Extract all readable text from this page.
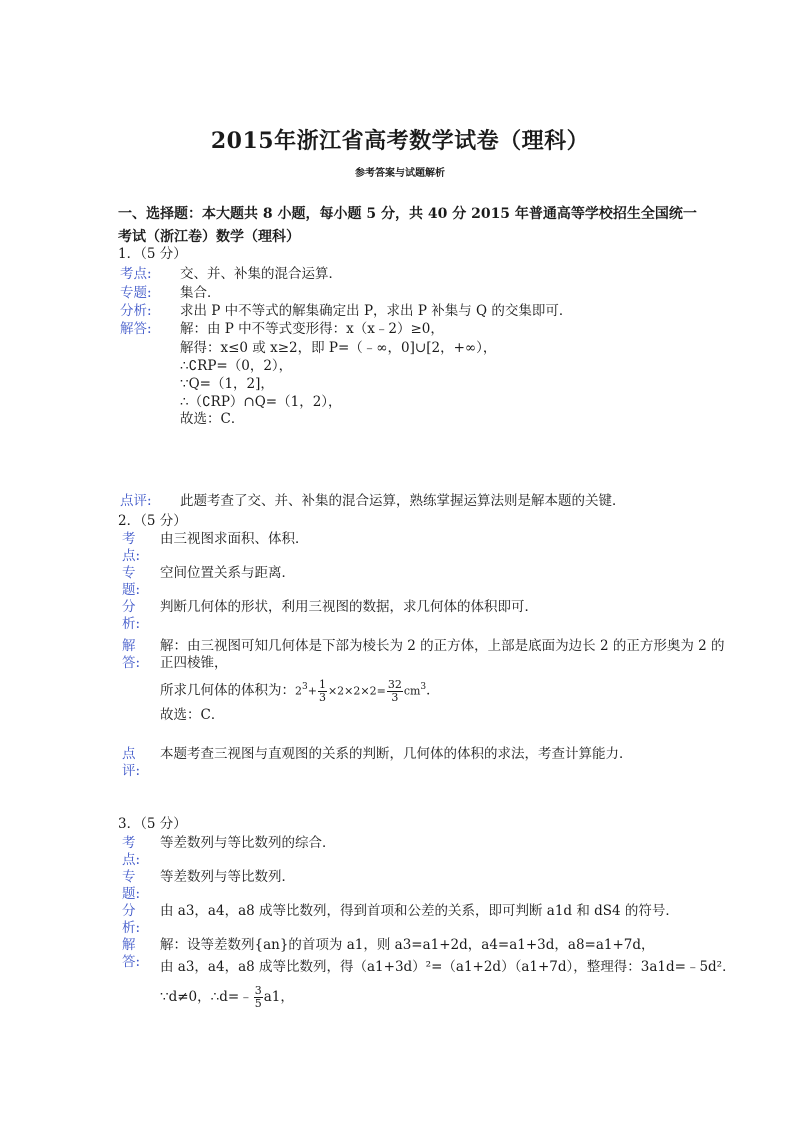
2015年浙江省高考数学试卷（理科）
参考答案与试题解析
一、选择题：本大题共 8 小题，每小题 5 分，共 40 分 2015 年普通高等学校招生全国统一考试（浙江卷）数学（理科）
1．（5 分）
考点: 交、并、补集的混合运算．
专题: 集合．
分析: 求出 P 中不等式的解集确定出 P，求出 P 补集与 Q 的交集即可．
解答: 解：由 P 中不等式变形得：x（x﹣2）≥0，
解得：x≤0 或 x≥2，即 P=（﹣∞，0]∪[2，+∞），
∴∁RP=（0，2），
∵Q=（1，2]，
∴（∁RP）∩Q=（1，2），
故选：C．
点评: 此题考查了交、并、补集的混合运算，熟练掌握运算法则是解本题的关键．
2．（5 分）
考
点:
由三视图求面积、体积．
专
题:
空间位置关系与距离．
分
析:
判断几何体的形状，利用三视图的数据，求几何体的体积即可．
解
答:
解：由三视图可知几何体是下部为棱长为 2 的正方体，上部是底面为边长 2 的正方形奥为 2 的
正四棱锥，
所求几何体的体积为：$2^3+ \frac{1}{3} \times 2\times 2\times 2= \frac{32}{3} cm^3$．
故选：C．
点
评:
本题考查三视图与直观图的关系的判断，几何体的体积的求法，考查计算能力．
3．（5 分）
考
点:
等差数列与等比数列的综合．
专
题:
等差数列与等比数列．
分
析:
由 a3，a4，a8 成等比数列，得到首项和公差的关系，即可判断 a1d 和 dS4 的符号．
解
答:
解：设等差数列{an}的首项为 a1，则 a3=a1+2d，a4=a1+3d，a8=a1+7d，
由 a3，a4，a8 成等比数列，得（a1+3d）²=（a1+2d）（a1+7d），整理得：3a1d=﹣5d²．
∵d≠0，∴d=﹣ $\frac{3}{5} a1$，
